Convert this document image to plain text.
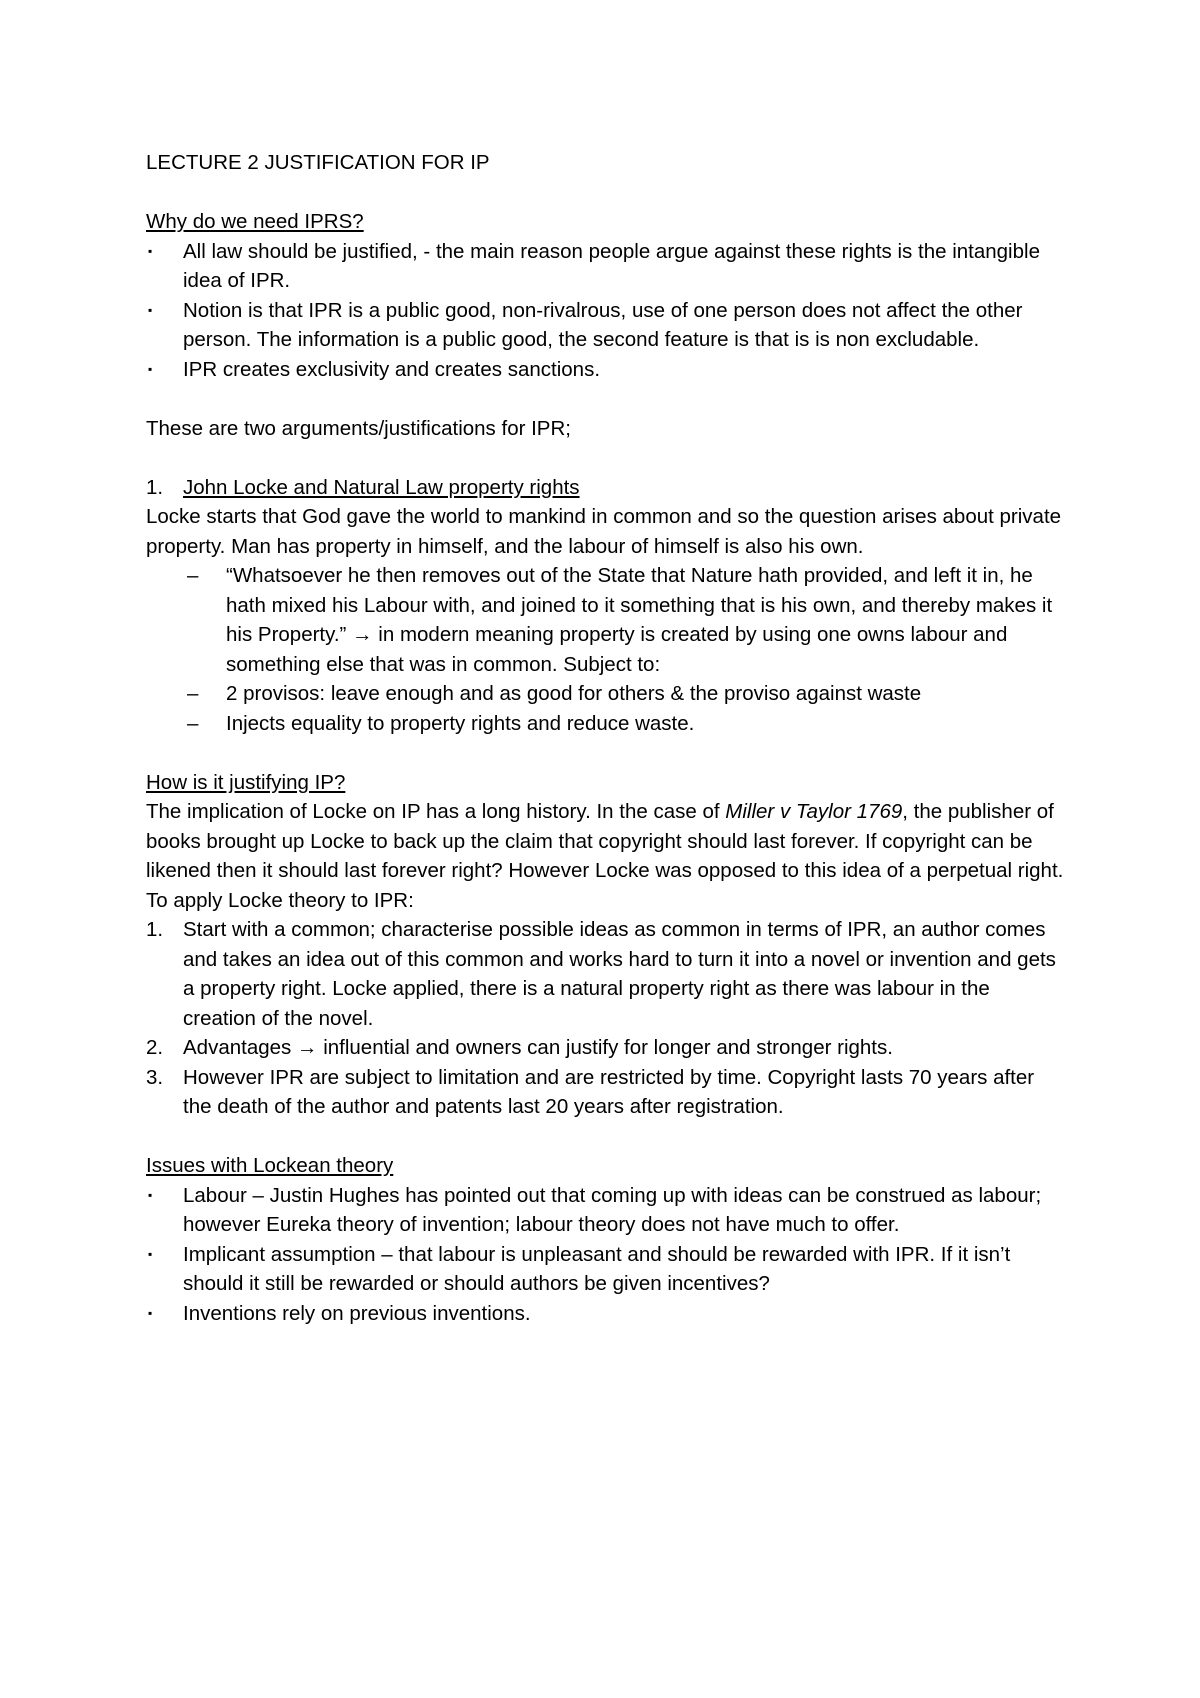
LECTURE 2 JUSTIFICATION FOR IP

Why do we need IPRS?

▪ All law should be justified, - the main reason people argue against these rights is the intangible idea of IPR.
▪ Notion is that IPR is a public good, non-rivalrous, use of one person does not affect the other person. The information is a public good, the second feature is that is is non excludable.
▪ IPR creates exclusivity and creates sanctions.

These are two arguments/justifications for IPR;

1. John Locke and Natural Law property rights

Locke starts that God gave the world to mankind in common and so the question arises about private property. Man has property in himself, and the labour of himself is also his own.

– “Whatsoever he then removes out of the State that Nature hath provided, and left it in, he hath mixed his Labour with, and joined to it something that is his own, and thereby makes it his Property.” → in modern meaning property is created by using one owns labour and something else that was in common. Subject to:
– 2 provisos: leave enough and as good for others & the proviso against waste
– Injects equality to property rights and reduce waste.

How is it justifying IP?

The implication of Locke on IP has a long history. In the case of Miller v Taylor 1769, the publisher of books brought up Locke to back up the claim that copyright should last forever. If copyright can be likened then it should last forever right? However Locke was opposed to this idea of a perpetual right.

To apply Locke theory to IPR:

1. Start with a common; characterise possible ideas as common in terms of IPR, an author comes and takes an idea out of this common and works hard to turn it into a novel or invention and gets a property right. Locke applied, there is a natural property right as there was labour in the creation of the novel.
2. Advantages → influential and owners can justify for longer and stronger rights.
3. However IPR are subject to limitation and are restricted by time. Copyright lasts 70 years after the death of the author and patents last 20 years after registration.

Issues with Lockean theory

▪ Labour – Justin Hughes has pointed out that coming up with ideas can be construed as labour; however Eureka theory of invention; labour theory does not have much to offer.
▪ Implicant assumption – that labour is unpleasant and should be rewarded with IPR. If it isn’t should it still be rewarded or should authors be given incentives?
▪ Inventions rely on previous inventions.
